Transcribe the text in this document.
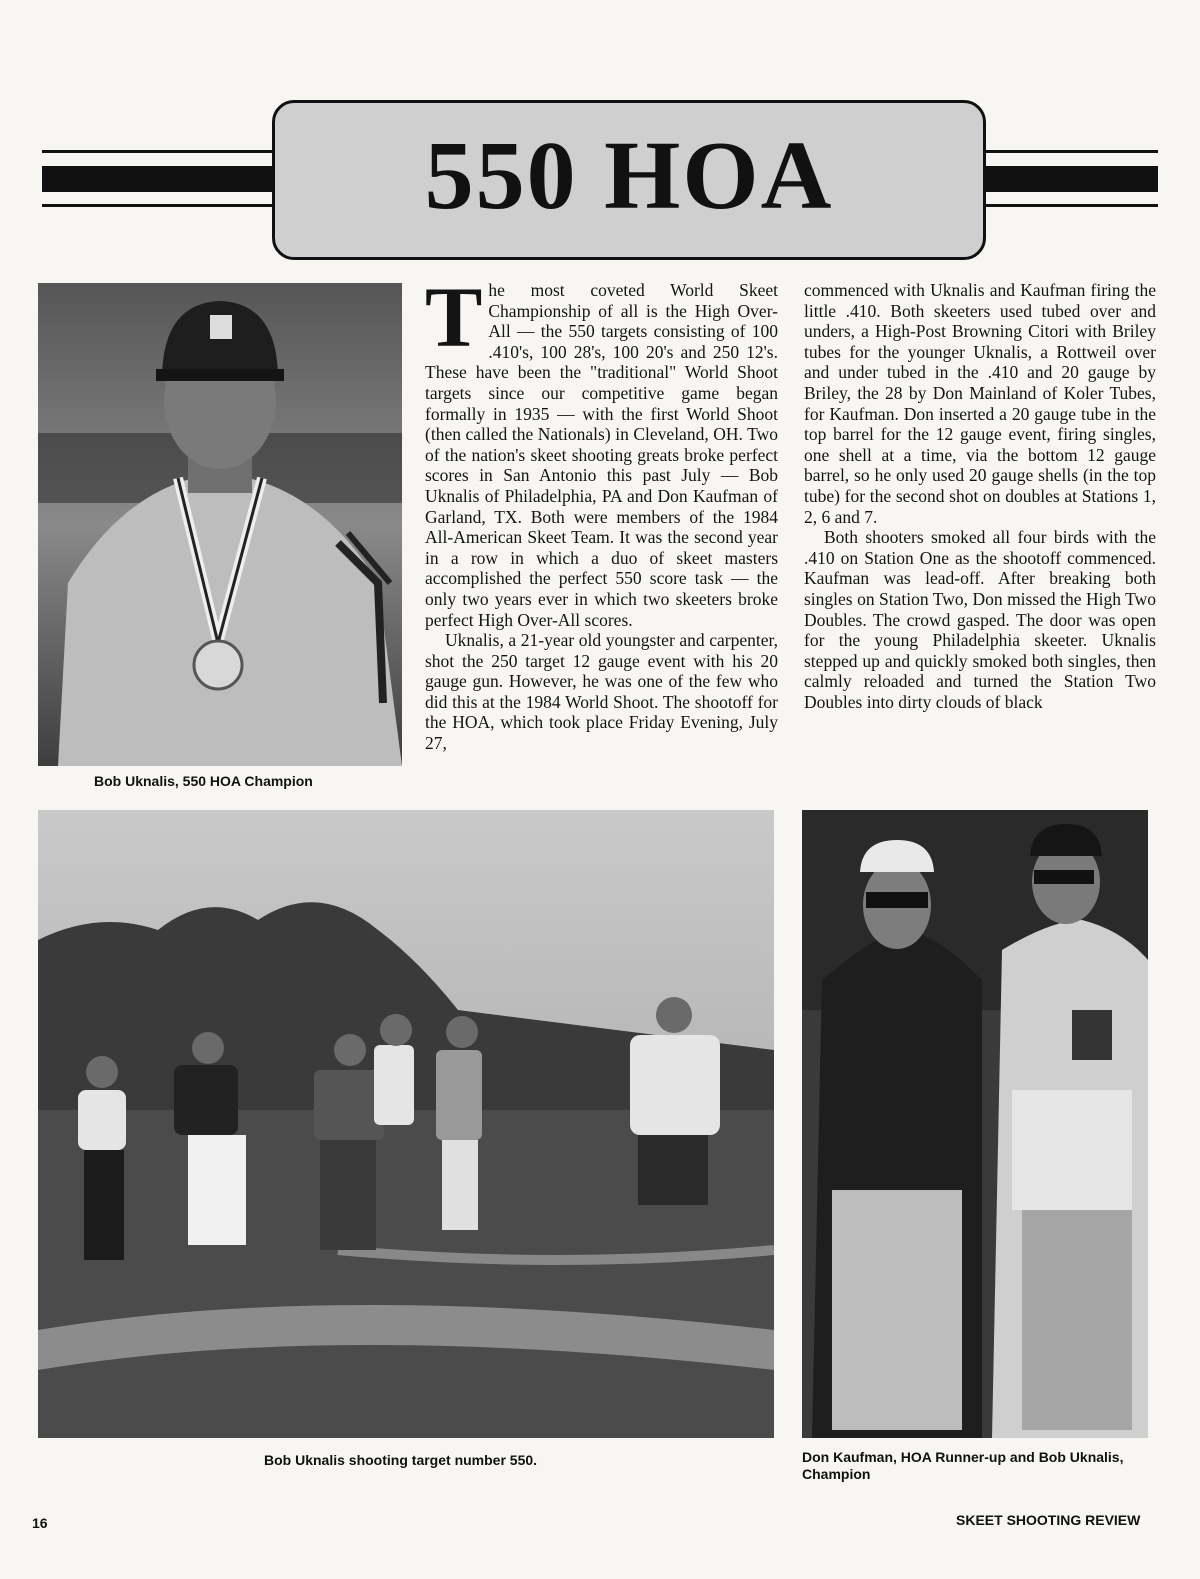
550 HOA
Bob Uknalis, 550 HOA Champion

The most coveted World Skeet Championship of all is the High Over-All — the 550 targets consisting of 100 .410's, 100 28's, 100 20's and 250 12's. These have been the "traditional" World Shoot targets since our competitive game began formally in 1935 — with the first World Shoot (then called the Nationals) in Cleveland, OH. Two of the nation's skeet shooting greats broke perfect scores in San Antonio this past July — Bob Uknalis of Philadelphia, PA and Don Kaufman of Garland, TX. Both were members of the 1984 All-American Skeet Team. It was the second year in a row in which a duo of skeet masters accomplished the perfect 550 score task — the only two years ever in which two skeeters broke perfect High Over-All scores.

Uknalis, a 21-year old youngster and carpenter, shot the 250 target 12 gauge event with his 20 gauge gun. However, he was one of the few who did this at the 1984 World Shoot. The shootoff for the HOA, which took place Friday Evening, July 27,

commenced with Uknalis and Kaufman firing the little .410. Both skeeters used tubed over and unders, a High-Post Browning Citori with Briley tubes for the younger Uknalis, a Rottweil over and under tubed in the .410 and 20 gauge by Briley, the 28 by Don Mainland of Koler Tubes, for Kaufman. Don inserted a 20 gauge tube in the top barrel for the 12 gauge event, firing singles, one shell at a time, via the bottom 12 gauge barrel, so he only used 20 gauge shells (in the top tube) for the second shot on doubles at Stations 1, 2, 6 and 7.

Both shooters smoked all four birds with the .410 on Station One as the shootoff commenced. Kaufman was lead-off. After breaking both singles on Station Two, Don missed the High Two Doubles. The crowd gasped. The door was open for the young Philadelphia skeeter. Uknalis stepped up and quickly smoked both singles, then calmly reloaded and turned the Station Two Doubles into dirty clouds of black

Bob Uknalis shooting target number 550.	Don Kaufman, HOA Runner-up and Bob Uknalis, Champion
16	SKEET SHOOTING REVIEW
